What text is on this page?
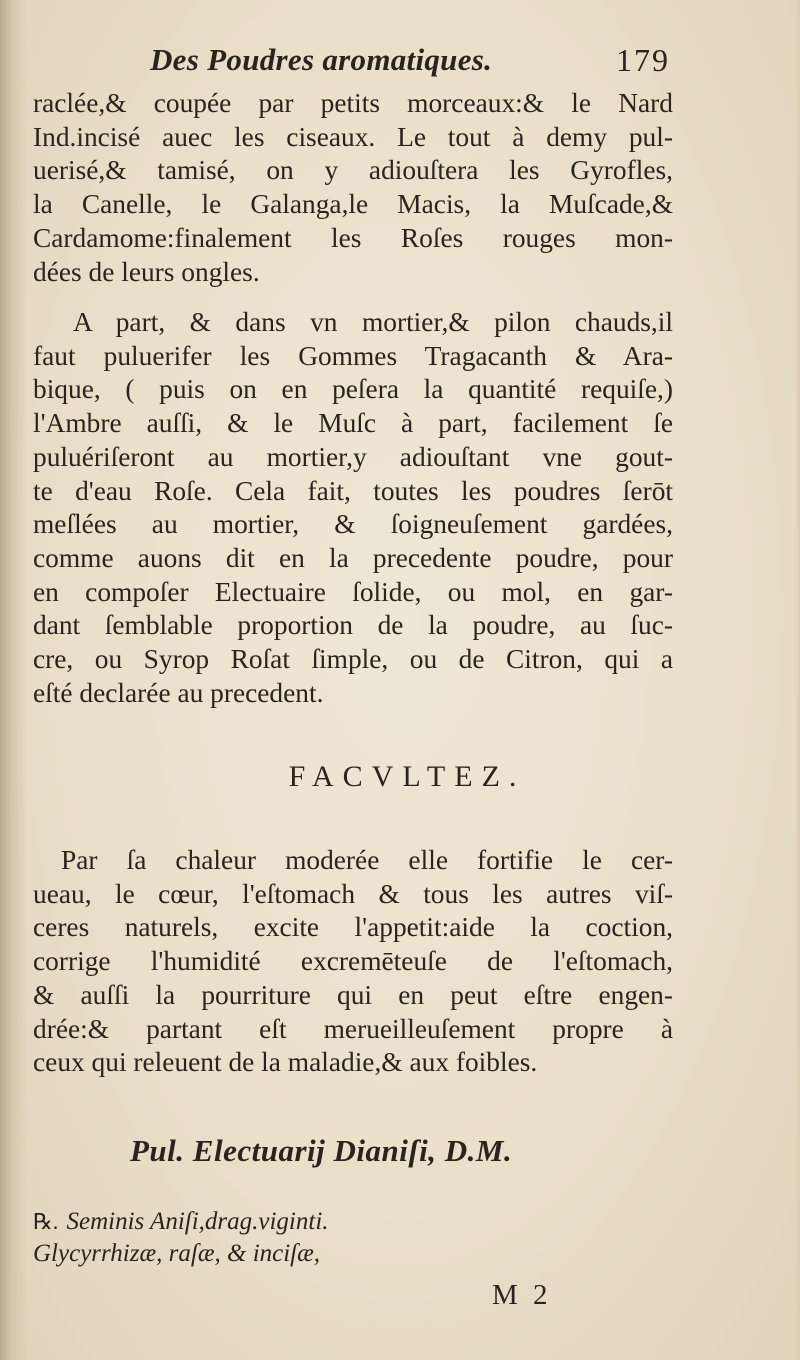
Des Poudres aromatiques.	179
raclée,& coupée par petits morceaux:& le Nard
Ind.incisé auec les ciseaux. Le tout à demy pul-
uerisé,& tamisé, on y adiouſtera les Gyrofles,
la Canelle, le Galanga,le Macis, la Muſcade,&
Cardamome:finalement les Roſes rouges mon-
dées de leurs ongles.
A part, & dans vn mortier,& pilon chauds,il
faut puluerifer les Gommes Tragacanth & Ara-
bique, ( puis on en peſera la quantité requiſe,)
l'Ambre auſſi, & le Muſc à part, facilement ſe
puluériſeront au mortier,y adiouſtant vne gout-
te d'eau Roſe. Cela fait, toutes les poudres ſerōt
meſlées au mortier, & ſoigneuſement gardées,
comme auons dit en la precedente poudre, pour
en compoſer Electuaire ſolide, ou mol, en gar-
dant ſemblable proportion de la poudre, au ſuc-
cre, ou Syrop Roſat ſimple, ou de Citron, qui a
eſté declarée au precedent.
FACVLTEZ.
Par ſa chaleur moderée elle fortifie le cer-
ueau, le cœur, l'eſtomach & tous les autres viſ-
ceres naturels, excite l'appetit:aide la coction,
corrige l'humidité excremēteuſe de l'eſtomach,
& auſſi la pourriture qui en peut eſtre engen-
drée:& partant eſt merueilleuſement propre à
ceux qui releuent de la maladie,& aux foibles.
Pul. Electuarij Dianiſi, D.M.
℞. Seminis Aniſi,drag.viginti.
Glycyrrhizæ, raſæ, & inciſæ,
M 2
